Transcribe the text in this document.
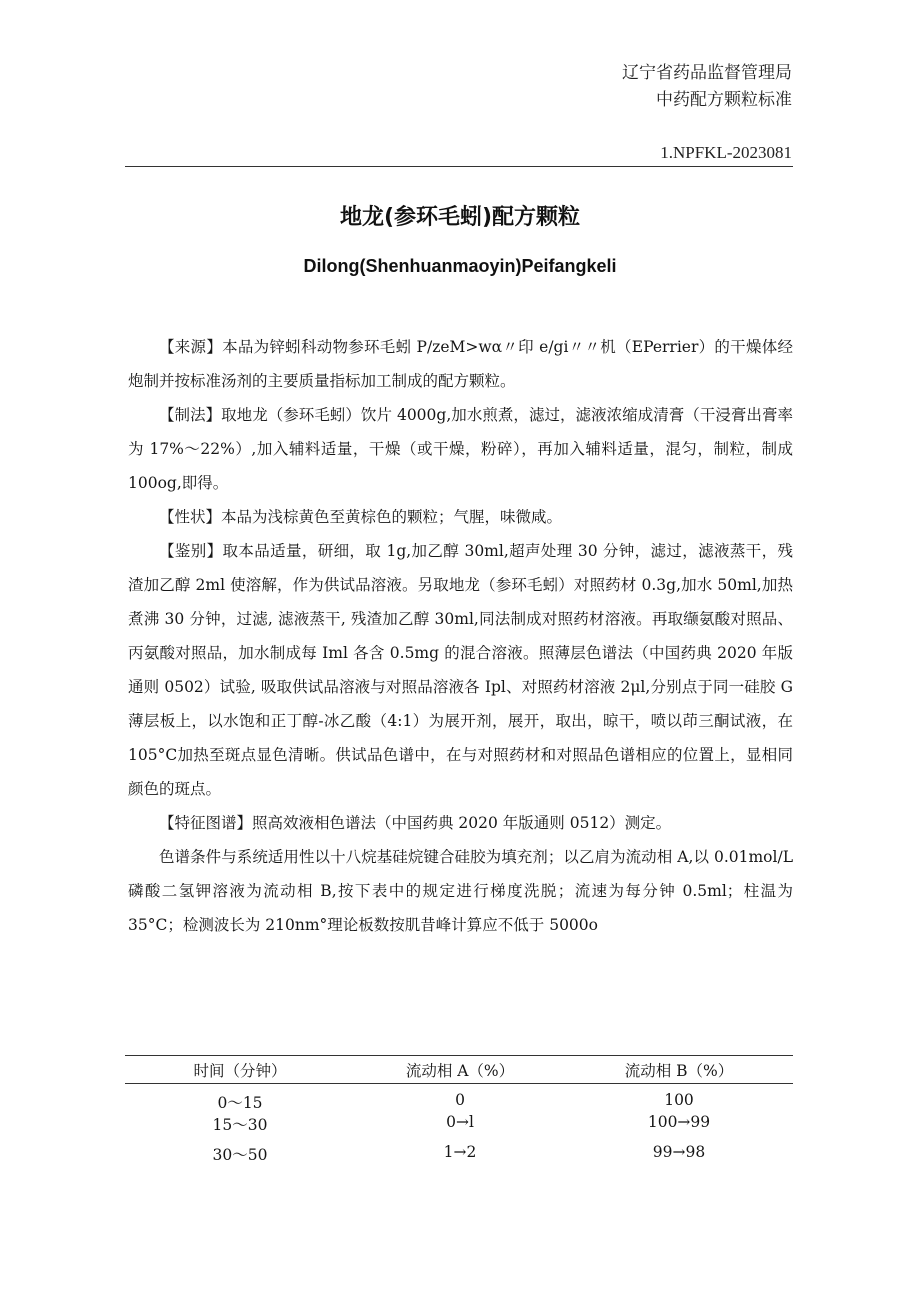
辽宁省药品监督管理局
中药配方颗粒标准
1.NPFKL-2023081
地龙(参环毛蚓)配方颗粒
Dilong(Shenhuanmaoyin)Peifangkeli

【来源】本品为锌蚓科动物参环毛蚓 P/zeM>wα〃印 e/gi〃〃机（EPerrier）的干燥体经炮制并按标准汤剂的主要质量指标加工制成的配方颗粒。

【制法】取地龙（参环毛蚓）饮片 4000g,加水煎煮，滤过，滤液浓缩成清膏（干浸膏出膏率为 17%～22%）,加入辅料适量，干燥（或干燥，粉碎），再加入辅料适量，混匀，制粒，制成 100og,即得。

【性状】本品为浅棕黄色至黄棕色的颗粒；气腥，味微咸。

【鉴别】取本品适量，研细，取 1g,加乙醇 30ml,超声处理 30 分钟，滤过，滤液蒸干，残渣加乙醇 2ml 使溶解，作为供试品溶液。另取地龙（参环毛蚓）对照药材 0.3g,加水 50ml,加热煮沸 30 分钟，过滤, 滤液蒸干, 残渣加乙醇 30ml,同法制成对照药材溶液。再取缬氨酸对照品、丙氨酸对照品，加水制成每 Iml 各含 0.5mg 的混合溶液。照薄层色谱法（中国药典 2020 年版通则 0502）试验, 吸取供试品溶液与对照品溶液各 Ipl、对照药材溶液 2μl,分别点于同一硅胶 G 薄层板上，以水饱和正丁醇-冰乙酸（4:1）为展开剂，展开，取出，晾干，喷以茚三酮试液，在 105°C加热至斑点显色清晰。供试品色谱中，在与对照药材和对照品色谱相应的位置上，显相同颜色的斑点。

【特征图谱】照高效液相色谱法（中国药典 2020 年版通则 0512）测定。

色谱条件与系统适用性以十八烷基硅烷键合硅胶为填充剂；以乙肩为流动相 A,以 0.01mol∕L 磷酸二氢钾溶液为流动相 B,按下表中的规定进行梯度洗脱；流速为每分钟 0.5ml；柱温为 35°C；检测波长为 210nm°理论板数按肌昔峰计算应不低于 5000o

时间（分钟）	流动相 A（%）	流动相 B（%）
0～15	0	100
15～30	0→l	100→99
30～50	1→2	99→98
